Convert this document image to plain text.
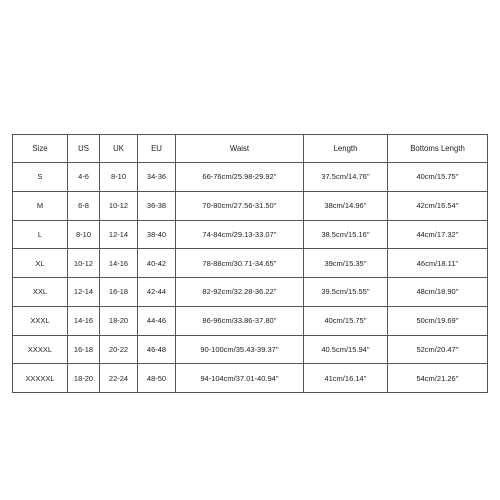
Size	US	UK	EU	Waist	Length	Bottoms Length
S	4-6	8-10	34-36	66-76cm/25.98-29.92''	37.5cm/14.76''	40cm/15.75''
M	6-8	10-12	36-38	70-80cm/27.56-31.50''	38cm/14.96''	42cm/16.54''
L	8-10	12-14	38-40	74-84cm/29.13-33.07''	38.5cm/15.16''	44cm/17.32''
XL	10-12	14-16	40-42	78-88cm/30.71-34.65''	39cm/15.35''	46cm/18.11''
XXL	12-14	16-18	42-44	82-92cm/32.28-36.22''	39.5cm/15.55''	48cm/18.90''
XXXL	14-16	18-20	44-46	86-96cm/33.86-37.80''	40cm/15.75''	50cm/19.69''
XXXXL	16-18	20-22	46-48	90-100cm/35.43-39.37''	40.5cm/15.94''	52cm/20.47''
XXXXXL	18-20	22-24	48-50	94-104cm/37.01-40.94''	41cm/16.14''	54cm/21.26''
